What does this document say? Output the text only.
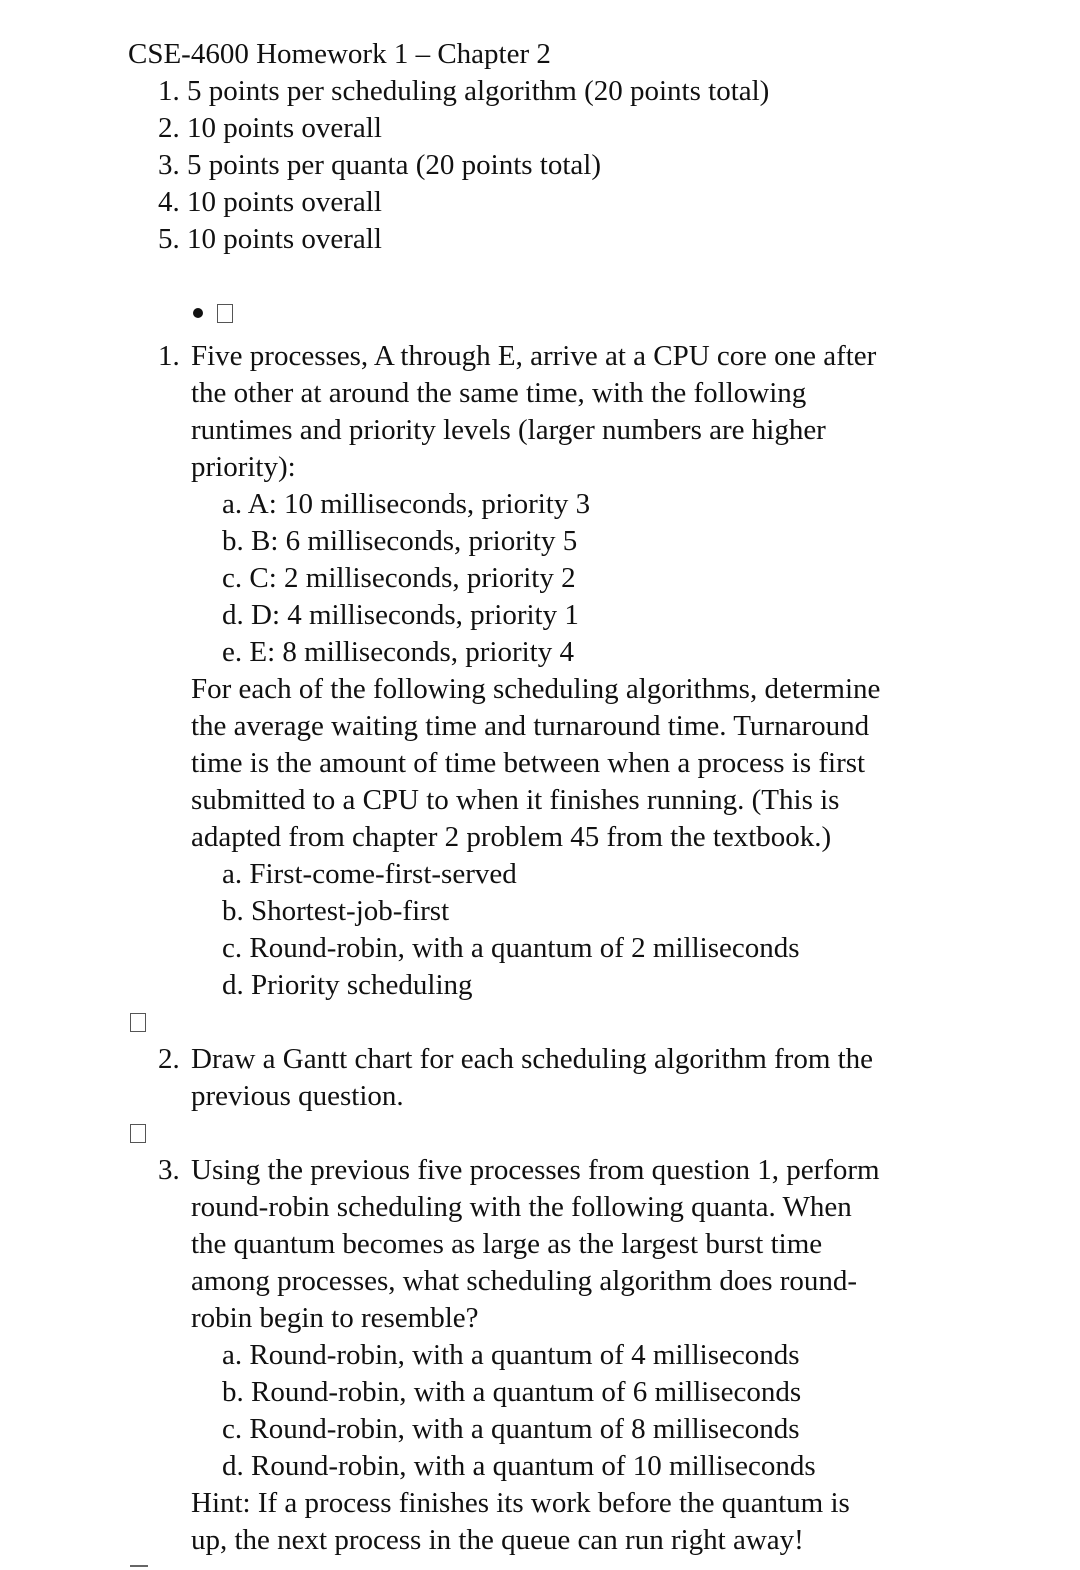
CSE-4600 Homework 1 – Chapter 2
1. 5 points per scheduling algorithm (20 points total)
2. 10 points overall
3. 5 points per quanta (20 points total)
4. 10 points overall
5. 10 points overall
1. Five processes, A through E, arrive at a CPU core one after
the other at around the same time, with the following
runtimes and priority levels (larger numbers are higher
priority):
a. A: 10 milliseconds, priority 3
b. B: 6 milliseconds, priority 5
c. C: 2 milliseconds, priority 2
d. D: 4 milliseconds, priority 1
e. E: 8 milliseconds, priority 4
For each of the following scheduling algorithms, determine
the average waiting time and turnaround time. Turnaround
time is the amount of time between when a process is first
submitted to a CPU to when it finishes running. (This is
adapted from chapter 2 problem 45 from the textbook.)
a. First-come-first-served
b. Shortest-job-first
c. Round-robin, with a quantum of 2 milliseconds
d. Priority scheduling
2. Draw a Gantt chart for each scheduling algorithm from the
previous question.
3. Using the previous five processes from question 1, perform
round-robin scheduling with the following quanta. When
the quantum becomes as large as the largest burst time
among processes, what scheduling algorithm does round-
robin begin to resemble?
a. Round-robin, with a quantum of 4 milliseconds
b. Round-robin, with a quantum of 6 milliseconds
c. Round-robin, with a quantum of 8 milliseconds
d. Round-robin, with a quantum of 10 milliseconds
Hint: If a process finishes its work before the quantum is
up, the next process in the queue can run right away!
